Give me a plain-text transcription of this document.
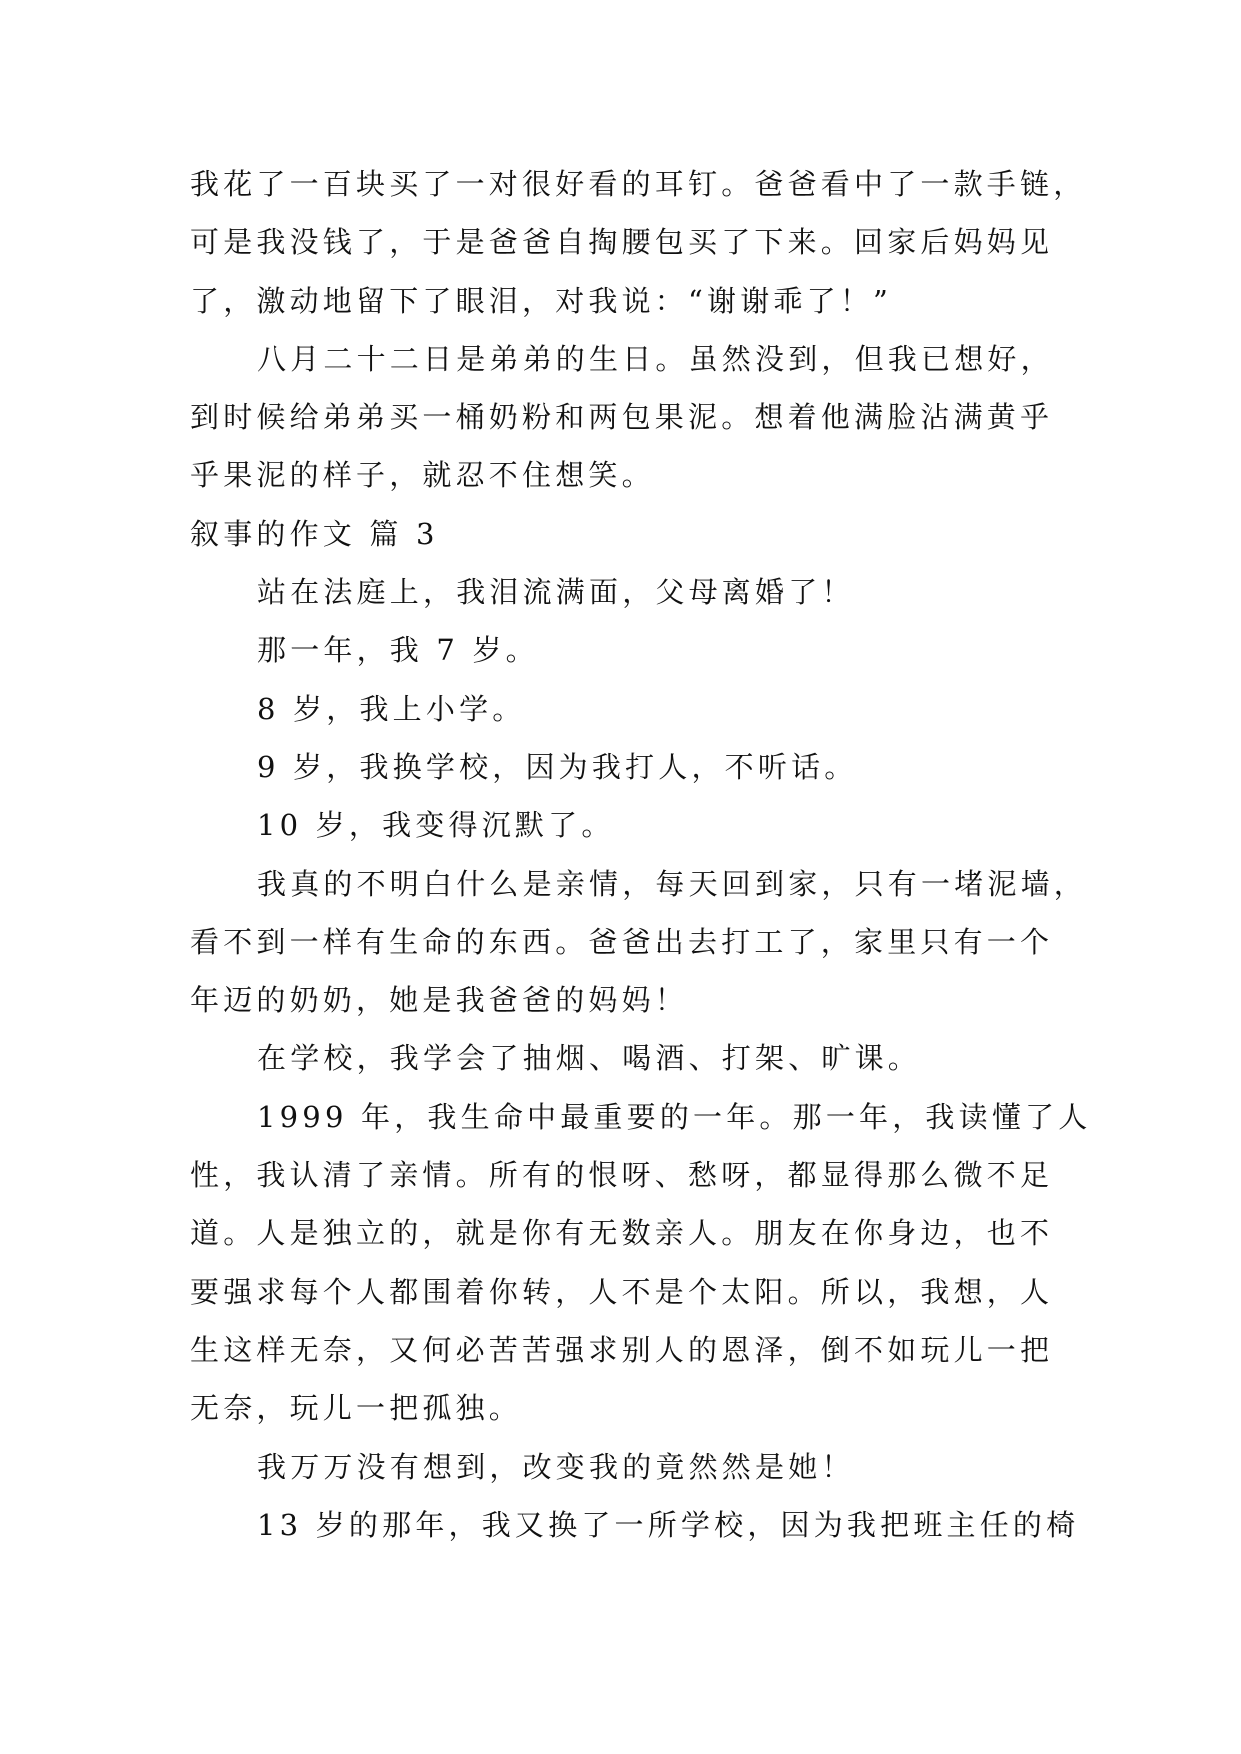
我花了一百块买了一对很好看的耳钉。爸爸看中了一款手链，
可是我没钱了，于是爸爸自掏腰包买了下来。回家后妈妈见
了，激动地留下了眼泪，对我说：“谢谢乖了！”
八月二十二日是弟弟的生日。虽然没到，但我已想好，
到时候给弟弟买一桶奶粉和两包果泥。想着他满脸沾满黄乎
乎果泥的样子，就忍不住想笑。
叙事的作文 篇 3
站在法庭上，我泪流满面，父母离婚了！
那一年，我 7 岁。
8 岁，我上小学。
9 岁，我换学校，因为我打人，不听话。
10 岁，我变得沉默了。
我真的不明白什么是亲情，每天回到家，只有一堵泥墙，
看不到一样有生命的东西。爸爸出去打工了，家里只有一个
年迈的奶奶，她是我爸爸的妈妈！
在学校，我学会了抽烟、喝酒、打架、旷课。
1999 年，我生命中最重要的一年。那一年，我读懂了人
性，我认清了亲情。所有的恨呀、愁呀，都显得那么微不足
道。人是独立的，就是你有无数亲人。朋友在你身边，也不
要强求每个人都围着你转，人不是个太阳。所以，我想，人
生这样无奈，又何必苦苦强求别人的恩泽，倒不如玩儿一把
无奈，玩儿一把孤独。
我万万没有想到，改变我的竟然然是她！
13 岁的那年，我又换了一所学校，因为我把班主任的椅
